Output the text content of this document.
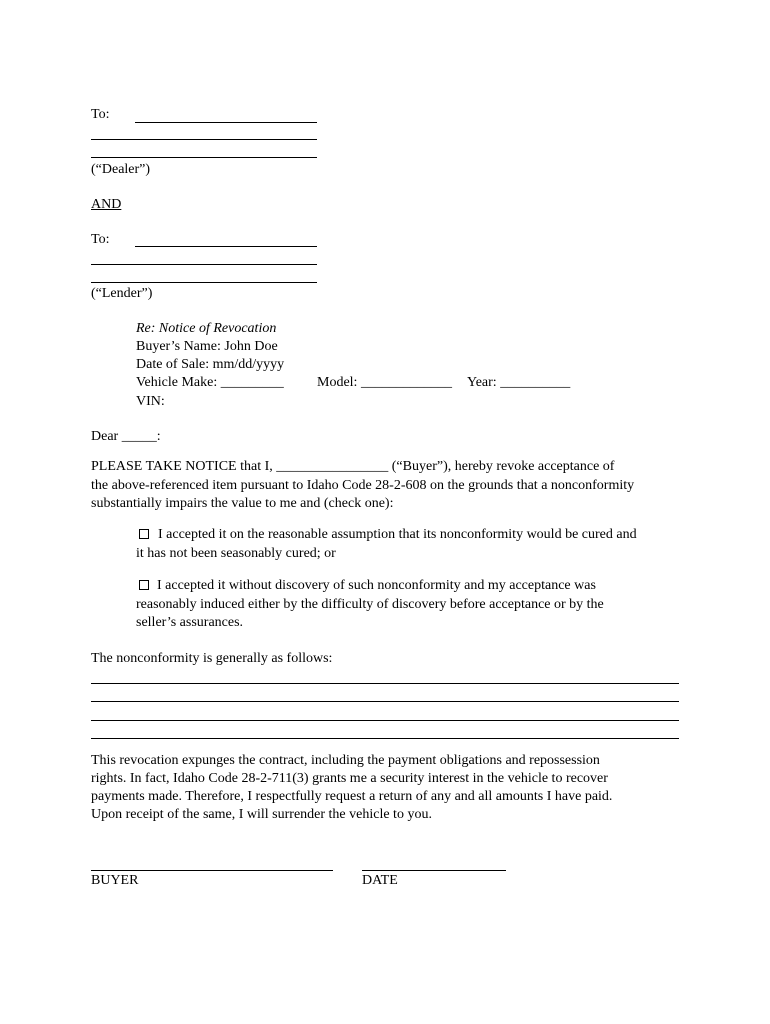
To:
(“Dealer”)
AND
To:
(“Lender”)
Re: Notice of Revocation
Buyer’s Name: John Doe
Date of Sale: mm/dd/yyyy
Vehicle Make: _________ Model: _____________ Year: __________
VIN:
Dear _____:
PLEASE TAKE NOTICE that I, ________________ (“Buyer”), hereby revoke acceptance of
the above-referenced item pursuant to Idaho Code 28-2-608 on the grounds that a nonconformity
substantially impairs the value to me and (check one):
I accepted it on the reasonable assumption that its nonconformity would be cured and
it has not been seasonably cured; or
I accepted it without discovery of such nonconformity and my acceptance was
reasonably induced either by the difficulty of discovery before acceptance or by the
seller’s assurances.
The nonconformity is generally as follows:
This revocation expunges the contract, including the payment obligations and repossession
rights. In fact, Idaho Code 28-2-711(3) grants me a security interest in the vehicle to recover
payments made. Therefore, I respectfully request a return of any and all amounts I have paid.
Upon receipt of the same, I will surrender the vehicle to you.
BUYER	DATE
